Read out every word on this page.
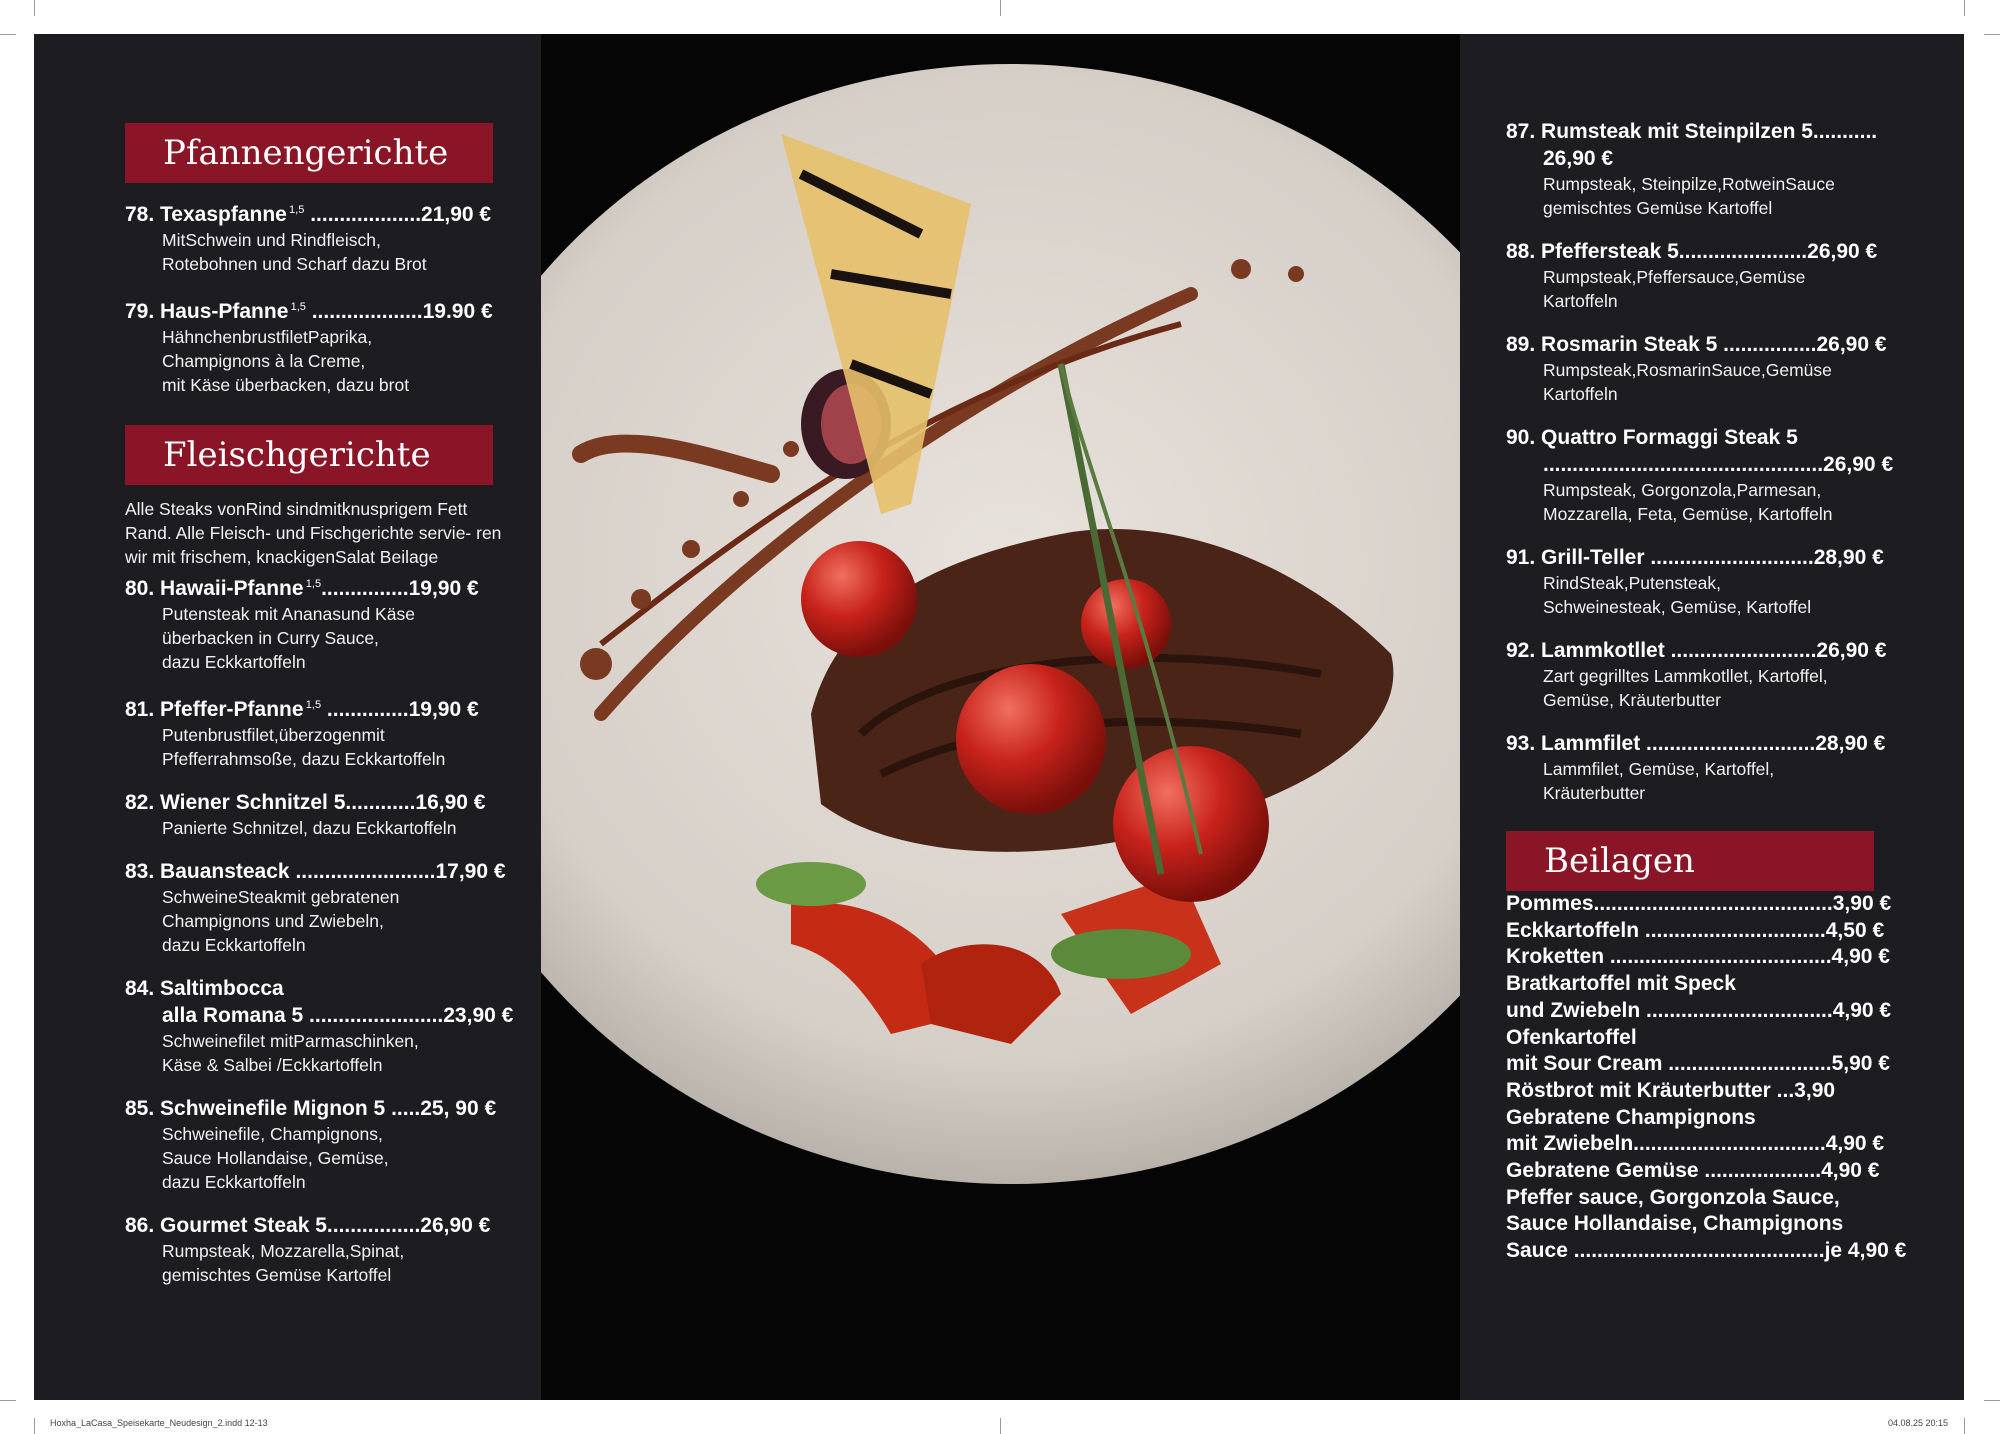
Pfannengerichte
78. Texaspfanne $^{1,5}$ ...................21,90 €
MitSchwein und Rindfleisch,
Rotebohnen und Scharf dazu Brot
79. Haus-Pfanne $^{1,5}$ ...................19.90 €
HähnchenbrustfiletPaprika,
Champignons à la Creme,
mit Käse überbacken, dazu brot
Fleischgerichte
Alle Steaks vonRind sindmitknusprigem Fett Rand. Alle Fleisch- und Fischgerichte servie- ren wir mit frischem, knackigenSalat Beilage
80. Hawaii-Pfanne $^{1,5}$...............19,90 €
Putensteak mit Ananasund Käse
überbacken in Curry Sauce,
dazu Eckkartoffeln
81. Pfeffer-Pfanne $^{1,5}$ ..............19,90 €
Putenbrustfilet,überzogenmit
Pfefferrahmsoße, dazu Eckkartoffeln
82. Wiener Schnitzel 5............16,90 €
Panierte Schnitzel, dazu Eckkartoffeln
83. Bauansteack ........................17,90 €
SchweineSteakmit gebratenen
Champignons und Zwiebeln,
dazu Eckkartoffeln
84. Saltimbocca
alla Romana 5 .......................23,90 €
Schweinefilet mitParmaschinken,
Käse & Salbei /Eckkartoffeln
85. Schweinefile Mignon 5 .....25, 90 €
Schweinefile, Champignons,
Sauce Hollandaise, Gemüse,
dazu Eckkartoffeln
86. Gourmet Steak 5................26,90 €
Rumpsteak, Mozzarella,Spinat,
gemischtes Gemüse Kartoffel
87. Rumsteak mit Steinpilzen 5...........
26,90 €
Rumpsteak, Steinpilze,RotweinSauce
gemischtes Gemüse Kartoffel
88. Pfeffersteak 5......................26,90 €
Rumpsteak,Pfeffersauce,Gemüse
Kartoffeln
89. Rosmarin Steak 5 ................26,90 €
Rumpsteak,RosmarinSauce,Gemüse
Kartoffeln
90. Quattro Formaggi Steak 5
................................................26,90 €
Rumpsteak, Gorgonzola,Parmesan,
Mozzarella, Feta, Gemüse, Kartoffeln
91. Grill-Teller ............................28,90 €
RindSteak,Putensteak,
Schweinesteak, Gemüse, Kartoffel
92. Lammkotllet .........................26,90 €
Zart gegrilltes Lammkotllet, Kartoffel,
Gemüse, Kräuterbutter
93. Lammfilet .............................28,90 €
Lammfilet, Gemüse, Kartoffel,
Kräuterbutter
Beilagen
Pommes.........................................3,90 €
Eckkartoffeln ...............................4,50 €
Kroketten ......................................4,90 €
Bratkartoffel mit Speck
und Zwiebeln ................................4,90 €
Ofenkartoffel
mit Sour Cream ............................5,90 €
Röstbrot mit Kräuterbutter ...3,90
Gebratene Champignons
mit Zwiebeln.................................4,90 €
Gebratene Gemüse ....................4,90 €
Pfeffer sauce, Gorgonzola Sauce,
Sauce Hollandaise, Champignons
Sauce ...........................................je 4,90 €
Hoxha_LaCasa_Speisekarte_Neudesign_2.indd 12-13	04.08.25 20:15
